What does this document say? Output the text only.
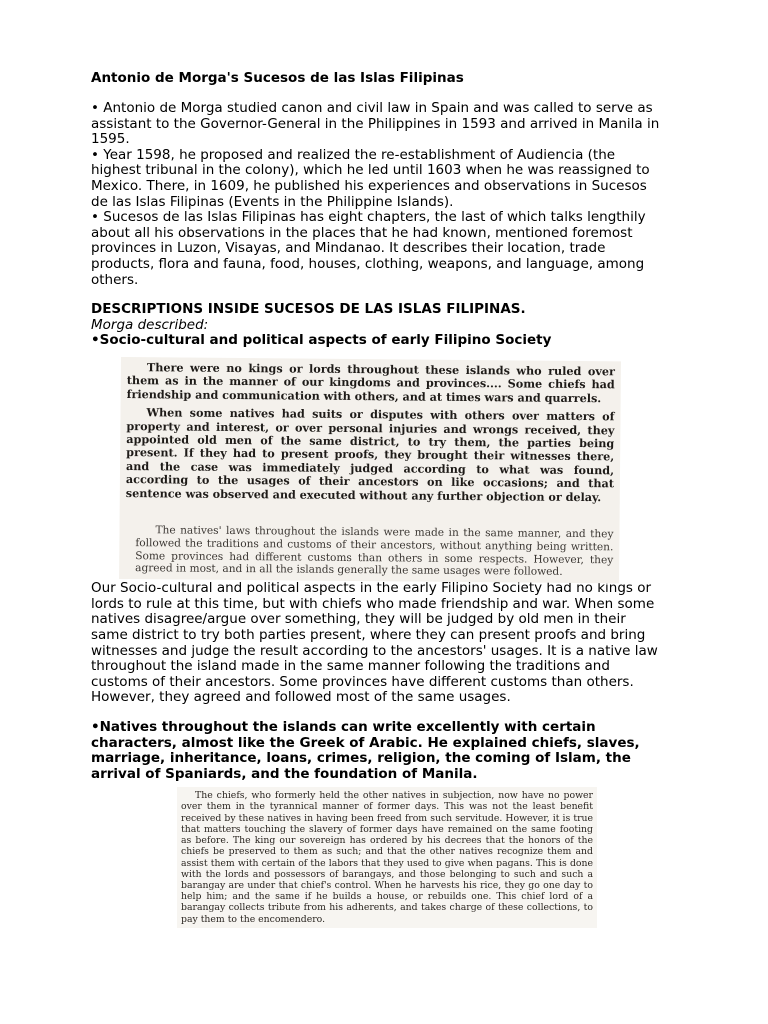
Antonio de Morga's Sucesos de las Islas Filipinas

• Antonio de Morga studied canon and civil law in Spain and was called to serve as assistant to the Governor-General in the Philippines in 1593 and arrived in Manila in 1595.

• Year 1598, he proposed and realized the re-establishment of Audiencia (the highest tribunal in the colony), which he led until 1603 when he was reassigned to Mexico. There, in 1609, he published his experiences and observations in Sucesos de las Islas Filipinas (Events in the Philippine Islands).

• Sucesos de las Islas Filipinas has eight chapters, the last of which talks lengthily about all his observations in the places that he had known, mentioned foremost provinces in Luzon, Visayas, and Mindanao. It describes their location, trade products, flora and fauna, food, houses, clothing, weapons, and language, among others.

DESCRIPTIONS INSIDE SUCESOS DE LAS ISLAS FILIPINAS.

Morga described:

•Socio-cultural and political aspects of early Filipino Society

There were no kings or lords throughout these islands who ruled over them as in the manner of our kingdoms and provinces.... Some chiefs had friendship and communication with others, and at times wars and quarrels.

When some natives had suits or disputes with others over matters of property and interest, or over personal injuries and wrongs received, they appointed old men of the same district, to try them, the parties being present. If they had to present proofs, they brought their witnesses there, and the case was immediately judged according to what was found, according to the usages of their ancestors on like occasions; and that sentence was observed and executed without any further objection or delay.

The natives' laws throughout the islands were made in the same manner, and they followed the traditions and customs of their ancestors, without anything being written. Some provinces had different customs than others in some respects. However, they agreed in most, and in all the islands generally the same usages were followed.

Our Socio-cultural and political aspects in the early Filipino Society had no kings or lords to rule at this time, but with chiefs who made friendship and war. When some natives disagree/argue over something, they will be judged by old men in their same district to try both parties present, where they can present proofs and bring witnesses and judge the result according to the ancestors' usages. It is a native law throughout the island made in the same manner following the traditions and customs of their ancestors. Some provinces have different customs than others. However, they agreed and followed most of the same usages.

•Natives throughout the islands can write excellently with certain characters, almost like the Greek of Arabic. He explained chiefs, slaves, marriage, inheritance, loans, crimes, religion, the coming of Islam, the arrival of Spaniards, and the foundation of Manila.

The chiefs, who formerly held the other natives in subjection, now have no power over them in the tyrannical manner of former days. This was not the least benefit received by these natives in having been freed from such servitude. However, it is true that matters touching the slavery of former days have remained on the same footing as before. The king our sovereign has ordered by his decrees that the honors of the chiefs be preserved to them as such; and that the other natives recognize them and assist them with certain of the labors that they used to give when pagans. This is done with the lords and possessors of barangays, and those belonging to such and such a barangay are under that chief's control. When he harvests his rice, they go one day to help him; and the same if he builds a house, or rebuilds one. This chief lord of a barangay collects tribute from his adherents, and takes charge of these collections, to pay them to the encomendero.
